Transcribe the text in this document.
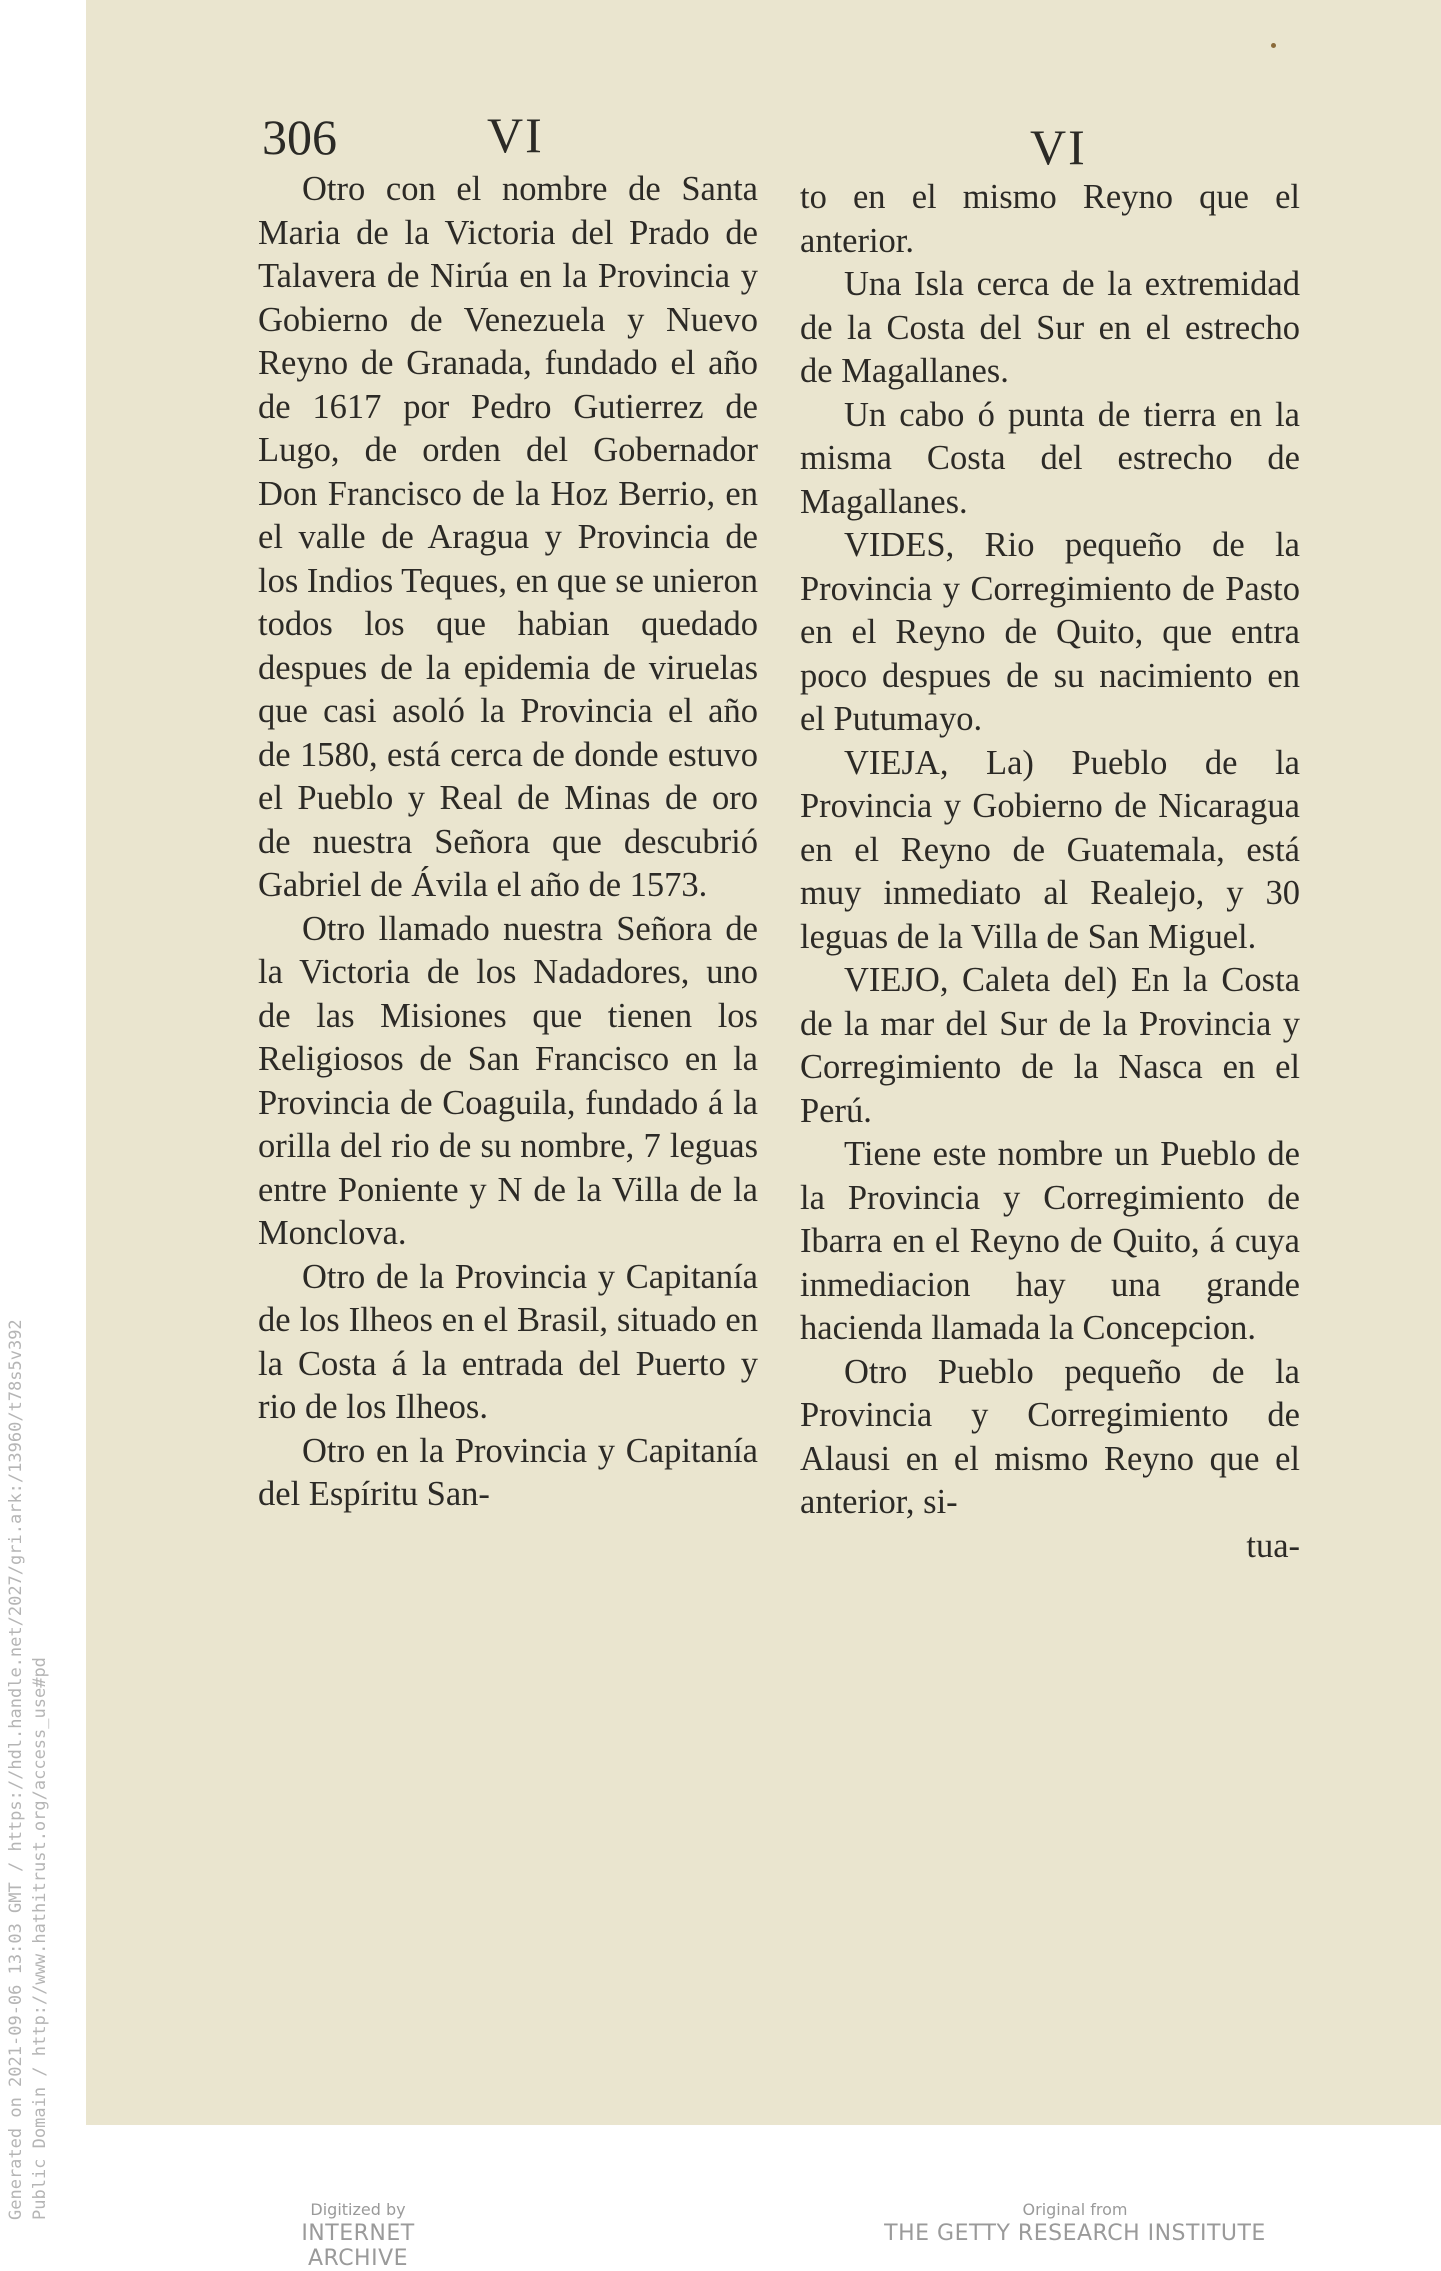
Generated on 2021-09-06 13:03 GMT / https://hdl.handle.net/2027/gri.ark:/13960/t78s5v392 Public Domain / http://www.hathitrust.org/access_use#pd
306	VI	VI

Otro con el nombre de Santa Maria de la Victoria del Prado de Talavera de Nirúa en la Provincia y Gobierno de Venezuela y Nuevo Reyno de Granada, fundado el año de 1617 por Pedro Gutierrez de Lugo, de orden del Gobernador Don Francisco de la Hoz Berrio, en el valle de Aragua y Provincia de los Indios Teques, en que se unieron todos los que habian quedado despues de la epidemia de viruelas que casi asoló la Provincia el año de 1580, está cerca de donde estuvo el Pueblo y Real de Minas de oro de nuestra Señora que descubrió Gabriel de Ávila el año de 1573.

Otro llamado nuestra Señora de la Victoria de los Nadadores, uno de las Misiones que tienen los Religiosos de San Francisco en la Provincia de Coaguila, fundado á la orilla del rio de su nombre, 7 leguas entre Poniente y N de la Villa de la Monclova.

Otro de la Provincia y Capitanía de los Ilheos en el Brasil, situado en la Costa á la entrada del Puerto y rio de los Ilheos.

Otro en la Provincia y Capitanía del Espíritu San-

to en el mismo Reyno que el anterior.

Una Isla cerca de la extremidad de la Costa del Sur en el estrecho de Magallanes.

Un cabo ó punta de tierra en la misma Costa del estrecho de Magallanes.

VIDES, Rio pequeño de la Provincia y Corregimiento de Pasto en el Reyno de Quito, que entra poco despues de su nacimiento en el Putumayo.

VIEJA, La) Pueblo de la Provincia y Gobierno de Nicaragua en el Reyno de Guatemala, está muy inmediato al Realejo, y 30 leguas de la Villa de San Miguel.

VIEJO, Caleta del) En la Costa de la mar del Sur de la Provincia y Corregimiento de la Nasca en el Perú.

Tiene este nombre un Pueblo de la Provincia y Corregimiento de Ibarra en el Reyno de Quito, á cuya inmediacion hay una grande hacienda llamada la Concepcion.

Otro Pueblo pequeño de la Provincia y Corregimiento de Alausi en el mismo Reyno que el anterior, si-

tua-

Digitized by
INTERNET ARCHIVE
Original from
THE GETTY RESEARCH INSTITUTE
